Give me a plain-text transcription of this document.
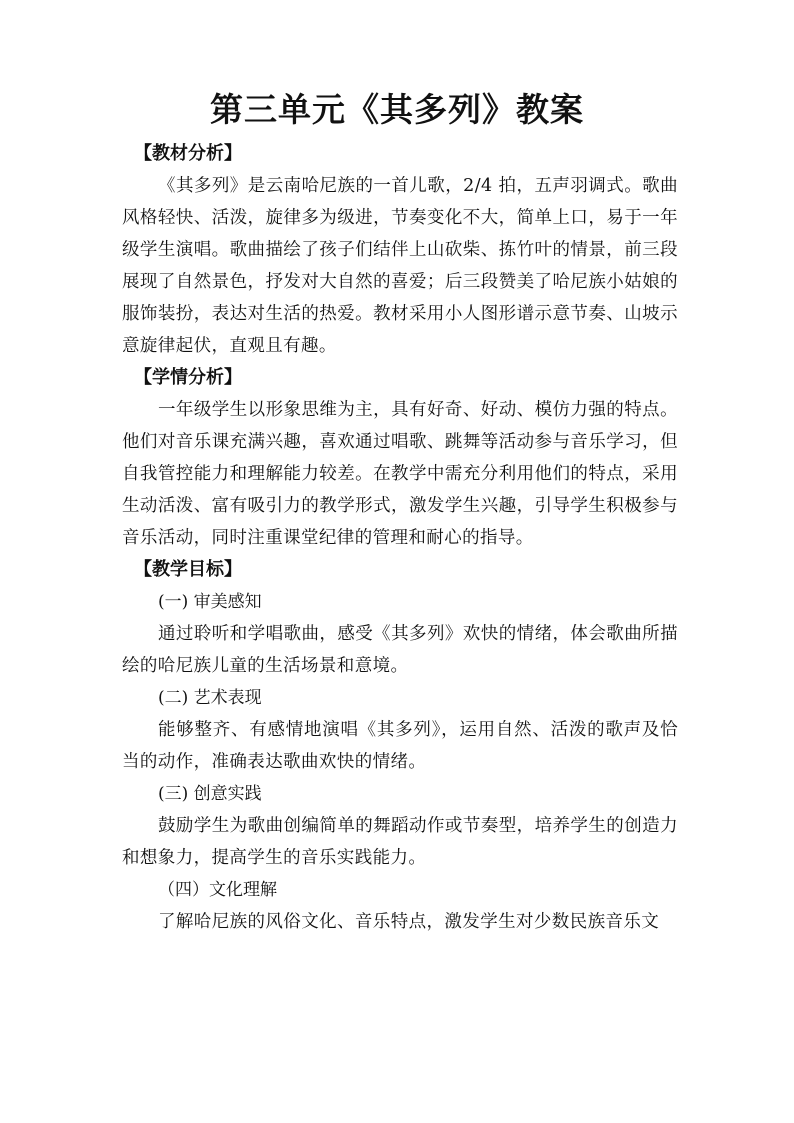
第三单元《其多列》教案

【教材分析】

《其多列》是云南哈尼族的一首儿歌，2/4 拍，五声羽调式。歌曲风格轻快、活泼，旋律多为级进，节奏变化不大，简单上口，易于一年级学生演唱。歌曲描绘了孩子们结伴上山砍柴、拣竹叶的情景，前三段展现了自然景色，抒发对大自然的喜爱；后三段赞美了哈尼族小姑娘的服饰装扮，表达对生活的热爱。教材采用小人图形谱示意节奏、山坡示意旋律起伏，直观且有趣。

【学情分析】

一年级学生以形象思维为主，具有好奇、好动、模仿力强的特点。他们对音乐课充满兴趣，喜欢通过唱歌、跳舞等活动参与音乐学习，但自我管控能力和理解能力较差。在教学中需充分利用他们的特点，采用生动活泼、富有吸引力的教学形式，激发学生兴趣，引导学生积极参与音乐活动，同时注重课堂纪律的管理和耐心的指导。

【教学目标】

(一) 审美感知

通过聆听和学唱歌曲，感受《其多列》欢快的情绪，体会歌曲所描绘的哈尼族儿童的生活场景和意境。

(二) 艺术表现

能够整齐、有感情地演唱《其多列》，运用自然、活泼的歌声及恰当的动作，准确表达歌曲欢快的情绪。

(三) 创意实践

鼓励学生为歌曲创编简单的舞蹈动作或节奏型，培养学生的创造力和想象力，提高学生的音乐实践能力。

（四）文化理解

了解哈尼族的风俗文化、音乐特点，激发学生对少数民族音乐文
